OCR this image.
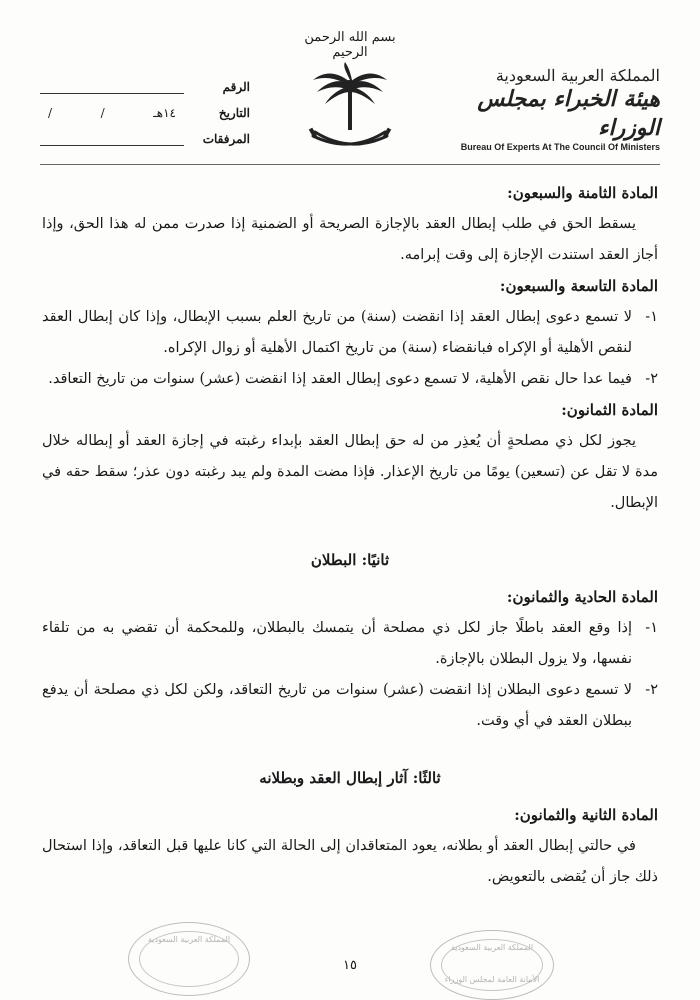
الرقم
التاريخ
١٤هـ
/
/
المرفقات
بسم الله الرحمن الرحيم
المملكة العربية السعودية
هيئة الخبراء بمجلس الوزراء
Bureau Of Experts At The Council Of Ministers
المادة الثامنة والسبعون:
يسقط الحق في طلب إبطال العقد بالإجازة الصريحة أو الضمنية إذا صدرت ممن له هذا الحق، وإذا أجاز العقد استندت الإجازة إلى وقت إبرامه.
المادة التاسعة والسبعون:
١-
لا تسمع دعوى إبطال العقد إذا انقضت (سنة) من تاريخ العلم بسبب الإبطال، وإذا كان إبطال العقد لنقص الأهلية أو الإكراه فبانقضاء (سنة) من تاريخ اكتمال الأهلية أو زوال الإكراه.
٢-
فيما عدا حال نقص الأهلية، لا تسمع دعوى إبطال العقد إذا انقضت (عشر) سنوات من تاريخ التعاقد.
المادة الثمانون:
يجوز لكل ذي مصلحةٍ أن يُعذِر من له حق إبطال العقد بإبداء رغبته في إجازة العقد أو إبطاله خلال مدة لا تقل عن (تسعين) يومًا من تاريخ الإعذار. فإذا مضت المدة ولم يبد رغبته دون عذر؛ سقط حقه في الإبطال.
ثانيًا: البطلان
المادة الحادية والثمانون:
١-
إذا وقع العقد باطلًا جاز لكل ذي مصلحة أن يتمسك بالبطلان، وللمحكمة أن تقضي به من تلقاء نفسها، ولا يزول البطلان بالإجازة.
٢-
لا تسمع دعوى البطلان إذا انقضت (عشر) سنوات من تاريخ التعاقد، ولكن لكل ذي مصلحة أن يدفع ببطلان العقد في أي وقت.
ثالثًا: آثار إبطال العقد وبطلانه
المادة الثانية والثمانون:
في حالتي إبطال العقد أو بطلانه، يعود المتعاقدان إلى الحالة التي كانا عليها قبل التعاقد، وإذا استحال ذلك جاز أن يُقضى بالتعويض.
المملكة العربية السعودية
المملكة العربية السعودية
الأمانة العامة لمجلس الوزراء
١٥
